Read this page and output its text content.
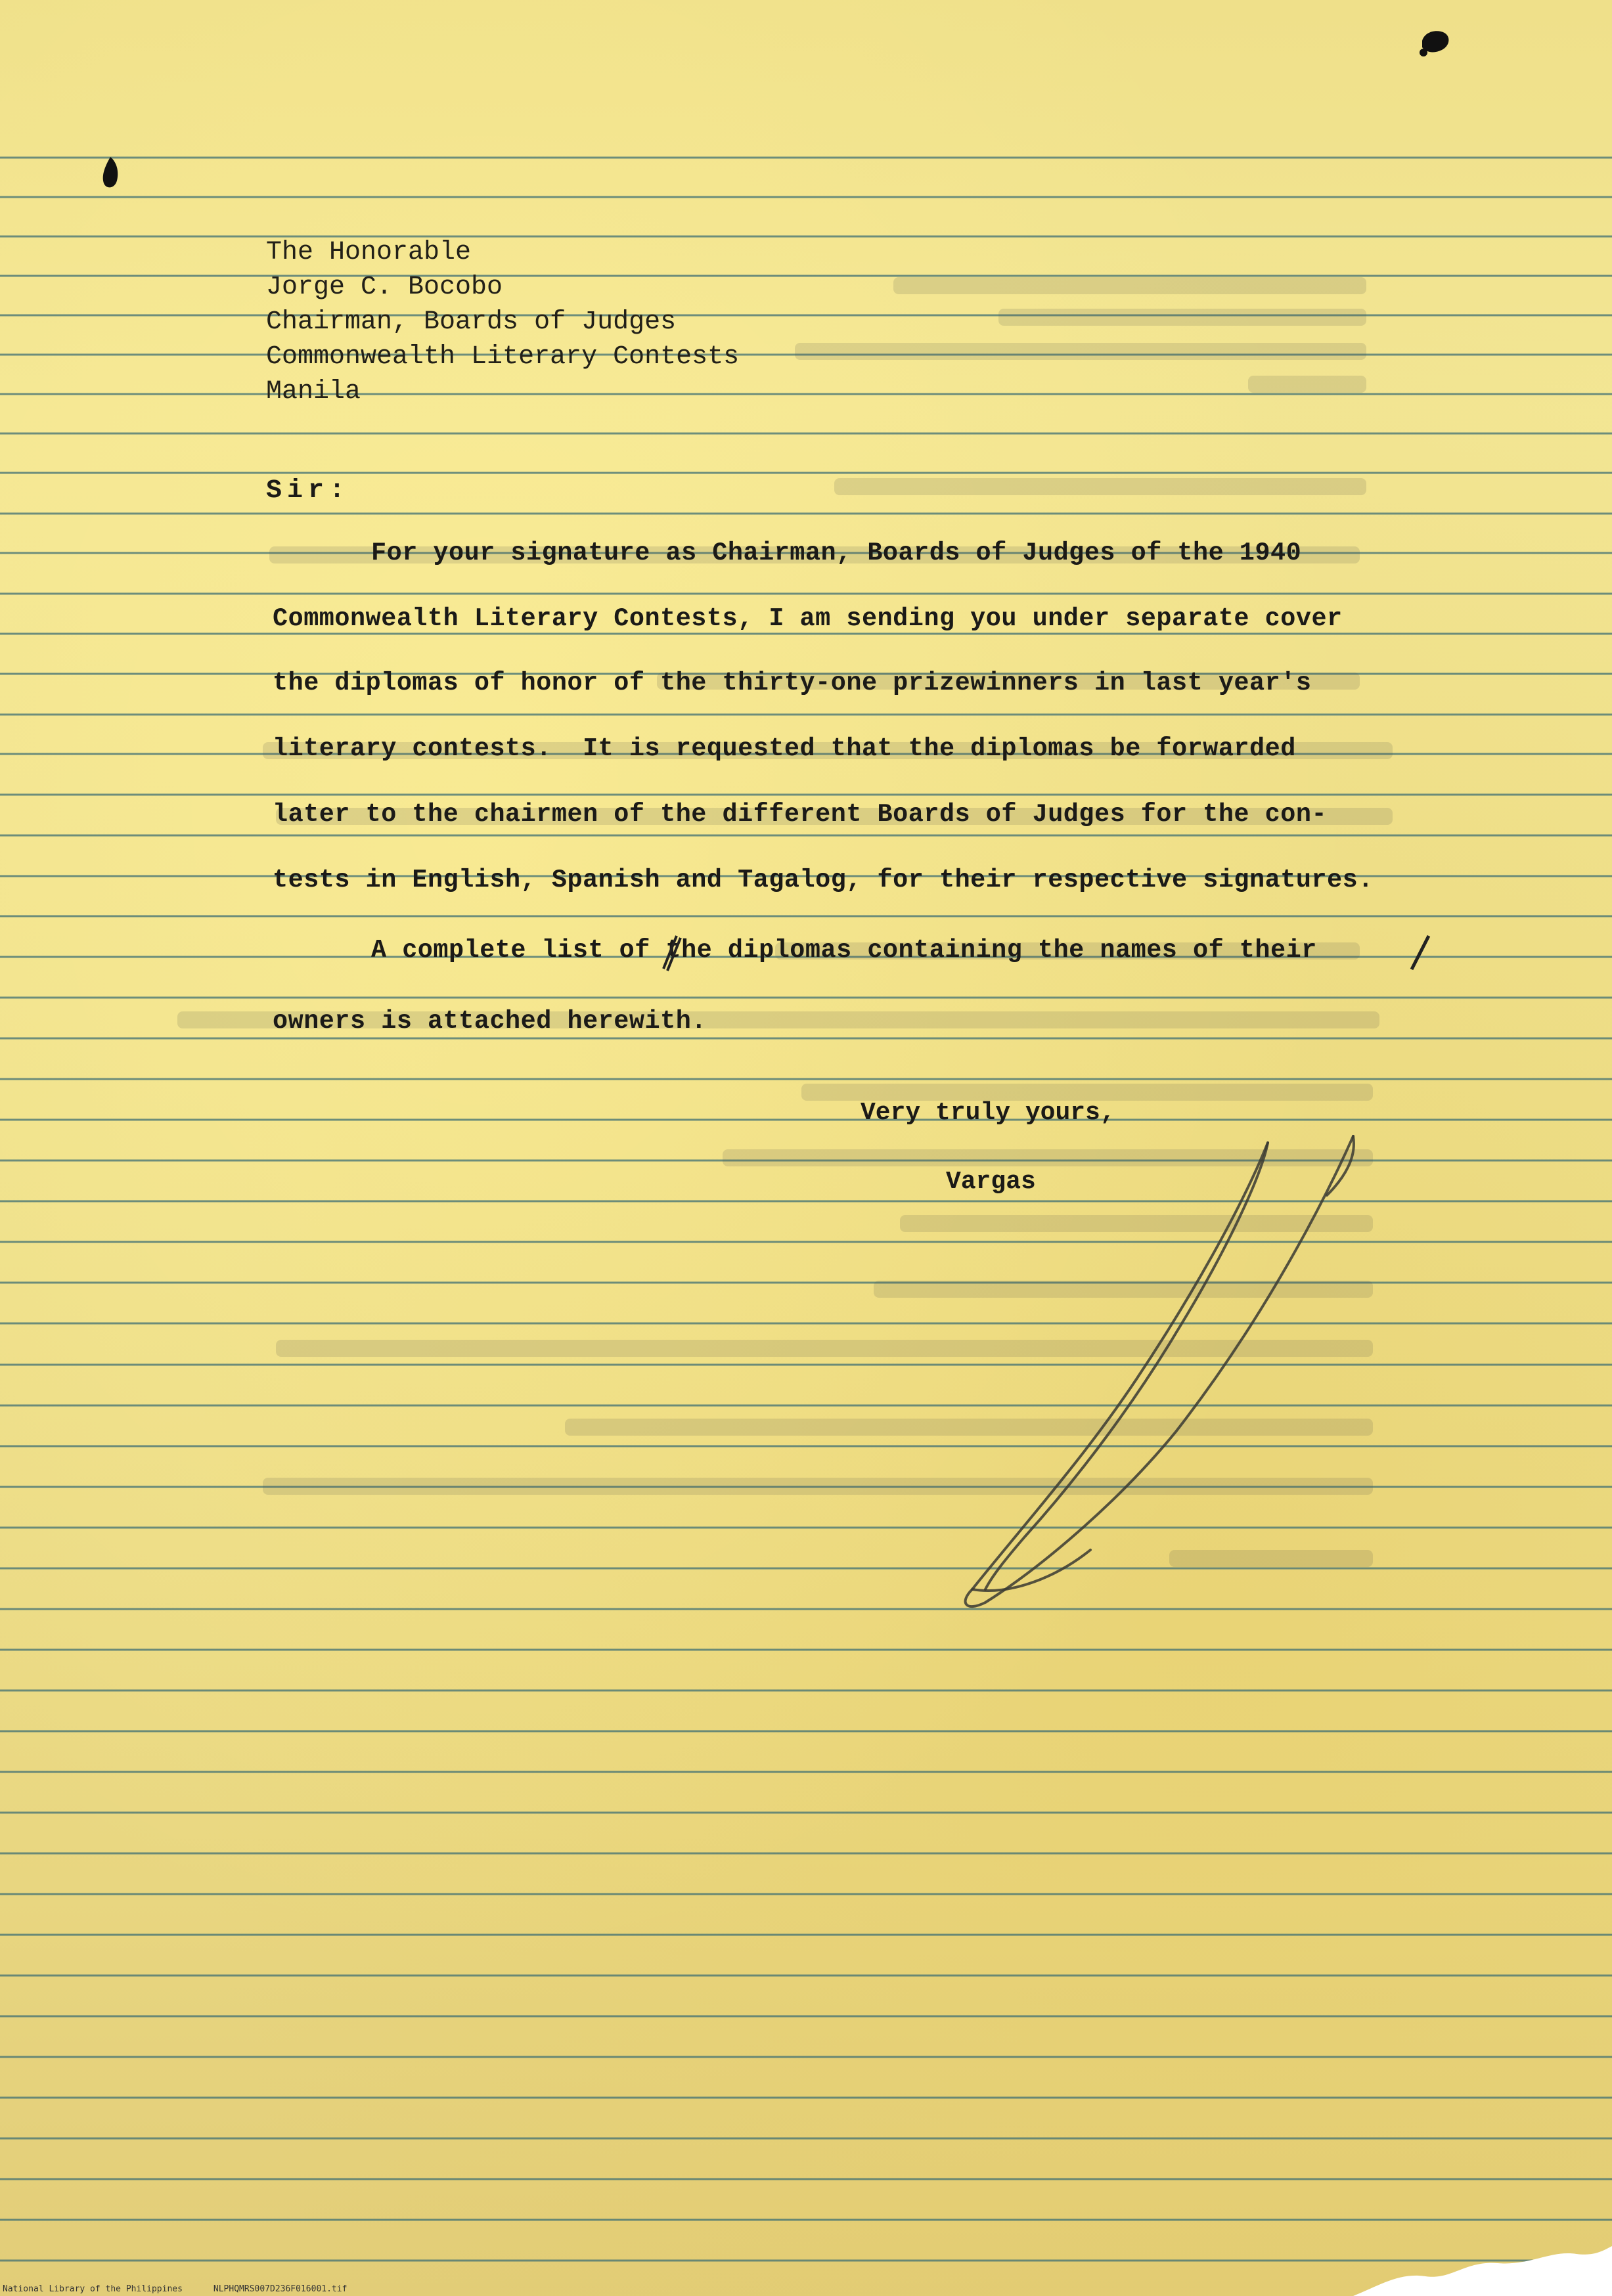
The Honorable
Jorge C. Bocobo
Chairman, Boards of Judges
Commonwealth Literary Contests
Manila
Sir:
For your signature as Chairman, Boards of Judges of the 1940
Commonwealth Literary Contests, I am sending you under separate cover
the diplomas of honor of the thirty-one prizewinners in last year's
literary contests.  It is requested that the diplomas be forwarded
later to the chairmen of the different Boards of Judges for the con-
tests in English, Spanish and Tagalog, for their respective signatures.
A complete list of the diplomas containing the names of their
owners is attached herewith.
Very truly yours,
Vargas
National Library of the Philippines	NLPHQMRS007D236F016001.tif
